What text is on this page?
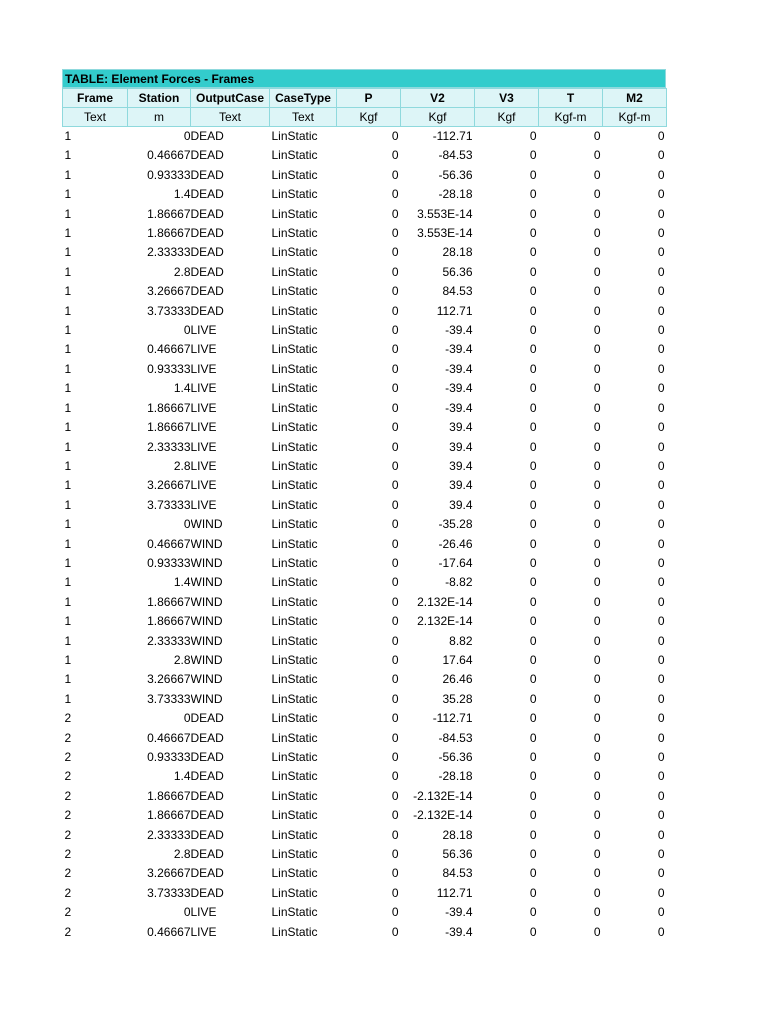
TABLE: Element Forces - Frames
Frame	Station	OutputCase	CaseType	P	V2	V3	T	M2
Text	m	Text	Text	Kgf	Kgf	Kgf	Kgf-m	Kgf-m
1	0	DEAD	LinStatic	0	-112.71	0	0	0
1	0.46667	DEAD	LinStatic	0	-84.53	0	0	0
1	0.93333	DEAD	LinStatic	0	-56.36	0	0	0
1	1.4	DEAD	LinStatic	0	-28.18	0	0	0
1	1.86667	DEAD	LinStatic	0	3.553E-14	0	0	0
1	1.86667	DEAD	LinStatic	0	3.553E-14	0	0	0
1	2.33333	DEAD	LinStatic	0	28.18	0	0	0
1	2.8	DEAD	LinStatic	0	56.36	0	0	0
1	3.26667	DEAD	LinStatic	0	84.53	0	0	0
1	3.73333	DEAD	LinStatic	0	112.71	0	0	0
1	0	LIVE	LinStatic	0	-39.4	0	0	0
1	0.46667	LIVE	LinStatic	0	-39.4	0	0	0
1	0.93333	LIVE	LinStatic	0	-39.4	0	0	0
1	1.4	LIVE	LinStatic	0	-39.4	0	0	0
1	1.86667	LIVE	LinStatic	0	-39.4	0	0	0
1	1.86667	LIVE	LinStatic	0	39.4	0	0	0
1	2.33333	LIVE	LinStatic	0	39.4	0	0	0
1	2.8	LIVE	LinStatic	0	39.4	0	0	0
1	3.26667	LIVE	LinStatic	0	39.4	0	0	0
1	3.73333	LIVE	LinStatic	0	39.4	0	0	0
1	0	WIND	LinStatic	0	-35.28	0	0	0
1	0.46667	WIND	LinStatic	0	-26.46	0	0	0
1	0.93333	WIND	LinStatic	0	-17.64	0	0	0
1	1.4	WIND	LinStatic	0	-8.82	0	0	0
1	1.86667	WIND	LinStatic	0	2.132E-14	0	0	0
1	1.86667	WIND	LinStatic	0	2.132E-14	0	0	0
1	2.33333	WIND	LinStatic	0	8.82	0	0	0
1	2.8	WIND	LinStatic	0	17.64	0	0	0
1	3.26667	WIND	LinStatic	0	26.46	0	0	0
1	3.73333	WIND	LinStatic	0	35.28	0	0	0
2	0	DEAD	LinStatic	0	-112.71	0	0	0
2	0.46667	DEAD	LinStatic	0	-84.53	0	0	0
2	0.93333	DEAD	LinStatic	0	-56.36	0	0	0
2	1.4	DEAD	LinStatic	0	-28.18	0	0	0
2	1.86667	DEAD	LinStatic	0	-2.132E-14	0	0	0
2	1.86667	DEAD	LinStatic	0	-2.132E-14	0	0	0
2	2.33333	DEAD	LinStatic	0	28.18	0	0	0
2	2.8	DEAD	LinStatic	0	56.36	0	0	0
2	3.26667	DEAD	LinStatic	0	84.53	0	0	0
2	3.73333	DEAD	LinStatic	0	112.71	0	0	0
2	0	LIVE	LinStatic	0	-39.4	0	0	0
2	0.46667	LIVE	LinStatic	0	-39.4	0	0	0
